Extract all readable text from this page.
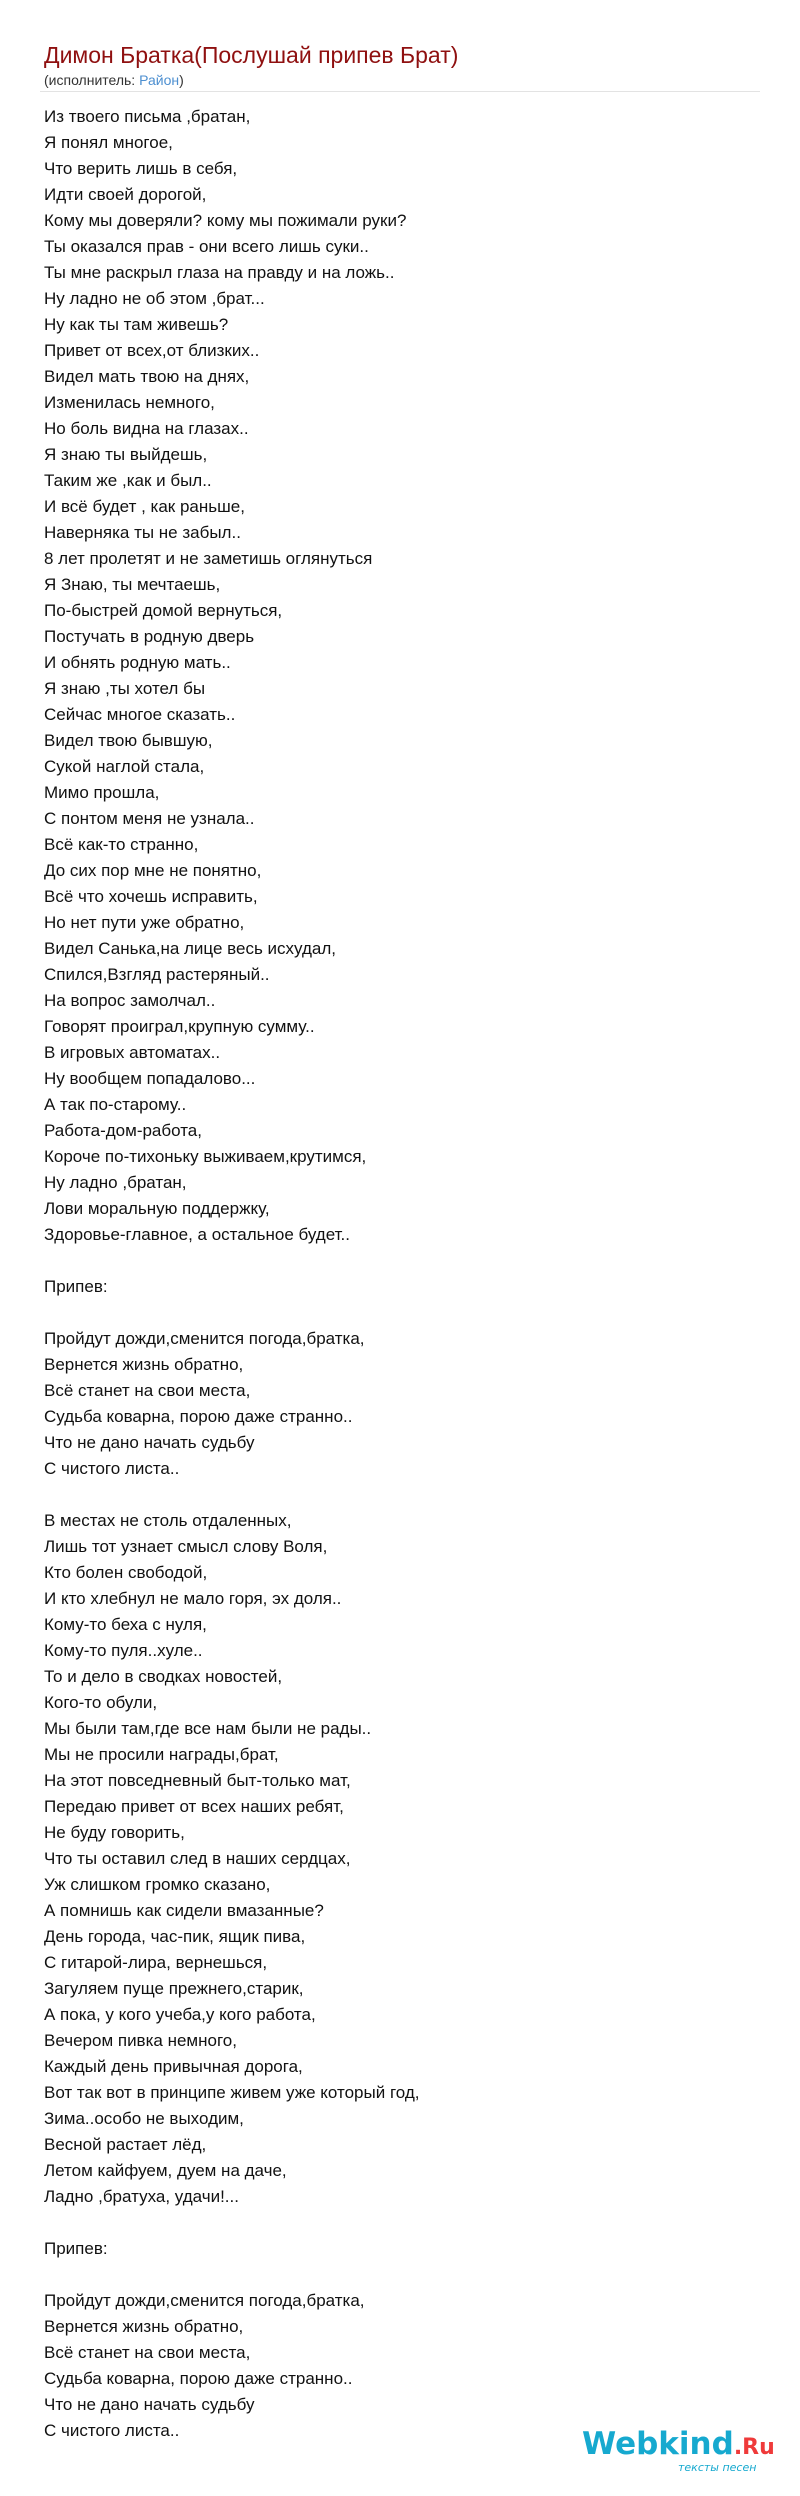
Димон Братка(Послушай припев Брат)
(исполнитель: Район)
Из твоего письма ,братан,
Я понял многое,
Что верить лишь в себя,
Идти своей дорогой,
Кому мы доверяли? кому мы пожимали руки?
Ты оказался прав - они всего лишь суки..
Ты мне раскрыл глаза на правду и на ложь..
Ну ладно не об этом ,брат...
Ну как ты там живешь?
Привет от всех,от близких..
Видел мать твою на днях,
Изменилась немного,
Но боль видна на глазах..
Я знаю ты выйдешь,
Таким же ,как и был..
И всё будет , как раньше,
Наверняка ты не забыл..
8 лет пролетят и не заметишь оглянуться
Я Знаю, ты мечтаешь,
По-быстрей домой вернуться,
Постучать в родную дверь
И обнять родную мать..
Я знаю ,ты хотел бы
Сейчас многое сказать..
Видел твою бывшую,
Сукой наглой стала,
Мимо прошла,
С понтом меня не узнала..
Всё как-то странно,
До сих пор мне не понятно,
Всё что хочешь исправить,
Но нет пути уже обратно,
Видел Санька,на лице весь исхудал,
Спился,Взгляд растеряный..
На вопрос замолчал..
Говорят проиграл,крупную сумму..
В игровых автоматах..
Ну вообщем попадалово...
А так по-старому..
Работа-дом-работа,
Короче по-тихоньку выживаем,крутимся,
Ну ладно ,братан,
Лови моральную поддержку,
Здоровье-главное, а остальное будет..
Припев:
Пройдут дожди,сменится погода,братка,
Вернется жизнь обратно,
Всё станет на свои места,
Судьба коварна, порою даже странно..
Что не дано начать судьбу
С чистого листа..
В местах не столь отдаленных,
Лишь тот узнает смысл слову Воля,
Кто болен свободой,
И кто хлебнул не мало горя, эх доля..
Кому-то беха с нуля,
Кому-то пуля..хуле..
То и дело в сводках новостей,
Кого-то обули,
Мы были там,где все нам были не рады..
Мы не просили награды,брат,
На этот повседневный быт-только мат,
Передаю привет от всех наших ребят,
Не буду говорить,
Что ты оставил след в наших сердцах,
Уж слишком громко сказано,
А помнишь как сидели вмазанные?
День города, час-пик, ящик пива,
С гитарой-лира, вернешься,
Загуляем пуще прежнего,старик,
А пока, у кого учеба,у кого работа,
Вечером пивка немного,
Каждый день привычная дорога,
Вот так вот в принципе живем уже который год,
Зима..особо не выходим,
Весной растает лёд,
Летом кайфуем, дуем на даче,
Ладно ,братуха, удачи!...
Припев:
Пройдут дожди,сменится погода,братка,
Вернется жизнь обратно,
Всё станет на свои места,
Судьба коварна, порою даже странно..
Что не дано начать судьбу
С чистого листа..	Webkind.Ru
тексты песен
